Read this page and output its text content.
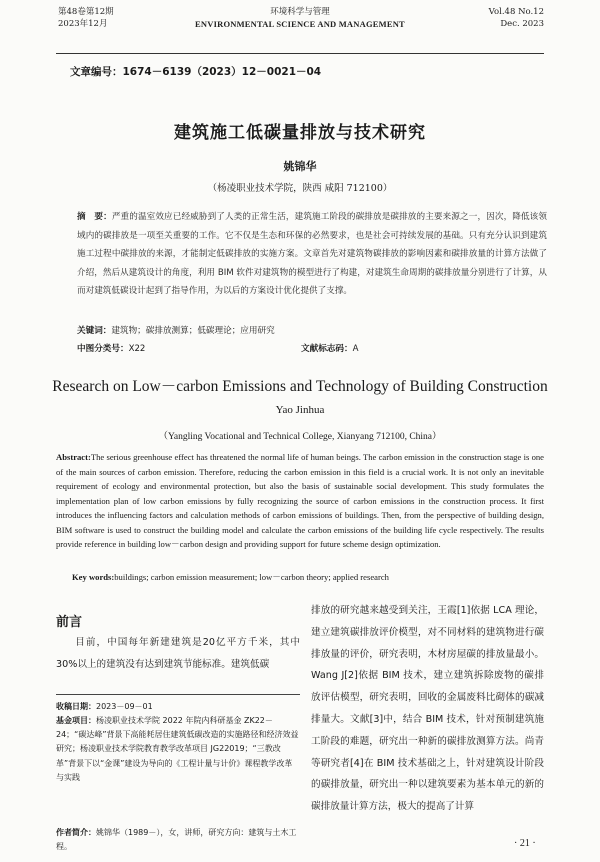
第48卷第12期
2023年12月
环境科学与管理
ENVIRONMENTAL SCIENCE AND MANAGEMENT
Vol.48 No.12
Dec. 2023
文章编号：1674－6139（2023）12－0021－04
建筑施工低碳量排放与技术研究
姚锦华
（杨凌职业技术学院，陕西 咸阳 712100）
摘　要：严重的温室效应已经威胁到了人类的正常生活，建筑施工阶段的碳排放是碳排放的主要来源之一，因次，降低该领域内的碳排放是一项至关重要的工作。它不仅是生态和环保的必然要求，也是社会可持续发展的基础。只有充分认识到建筑施工过程中碳排放的来源，才能制定低碳排放的实施方案。文章首先对建筑物碳排放的影响因素和碳排放量的计算方法做了介绍，然后从建筑设计的角度，利用 BIM 软件对建筑物的模型进行了构建，对建筑生命周期的碳排放量分别进行了计算，从而对建筑低碳设计起到了指导作用，为以后的方案设计优化提供了支撑。
关键词：建筑物；碳排放测算；低碳理论；应用研究
中图分类号：X22	文献标志码：A
Research on Low－carbon Emissions and Technology of Building Construction
Yao Jinhua
（Yangling Vocational and Technical College, Xianyang 712100, China）
Abstract:The serious greenhouse effect has threatened the normal life of human beings. The carbon emission in the construction stage is one of the main sources of carbon emission. Therefore, reducing the carbon emission in this field is a crucial work. It is not only an inevitable requirement of ecology and environmental protection, but also the basis of sustainable social development. This study formulates the implementation plan of low carbon emissions by fully recognizing the source of carbon emissions in the construction process. It first introduces the influencing factors and calculation methods of carbon emissions of buildings. Then, from the perspective of building design, BIM software is used to construct the building model and calculate the carbon emissions of the building life cycle respectively. The results provide reference in building low－carbon design and providing support for future scheme design optimization.
Key words:buildings; carbon emission measurement; low－carbon theory; applied research
前言

目前，中国每年新建建筑是20亿平方千米，其中30%以上的建筑没有达到建筑节能标准。建筑低碳

收稿日期：2023－09－01
基金项目：杨凌职业技术学院 2022 年院内科研基金 ZK22－24；“碳达峰”背景下高能耗居住建筑低碳改造的实施路径和经济效益研究；杨凌职业技术学院教育教学改革项目 JG22019；“三教改革”背景下以“金课”建设为导向的《工程计量与计价》课程教学改革与实践
作者简介：姚锦华（1989－），女，讲师，研究方向：建筑与土木工程。

排放的研究越来越受到关注，王霞[1]依据 LCA 理论，建立建筑碳排放评价模型，对不同材料的建筑物进行碳排放量的评价，研究表明，木材房屋碳的排放量最小。Wang J[2]依据 BIM 技术，建立建筑拆除废物的碳排放评估模型，研究表明，回收的金属废料比砌体的碳减排量大。文献[3]中，结合 BIM 技术，针对预制建筑施工阶段的难题，研究出一种新的碳排放测算方法。尚青等研究者[4]在 BIM 技术基础之上，针对建筑设计阶段的碳排放量，研究出一种以建筑要素为基本单元的新的碳排放量计算方法，极大的提高了计算

· 21 ·
